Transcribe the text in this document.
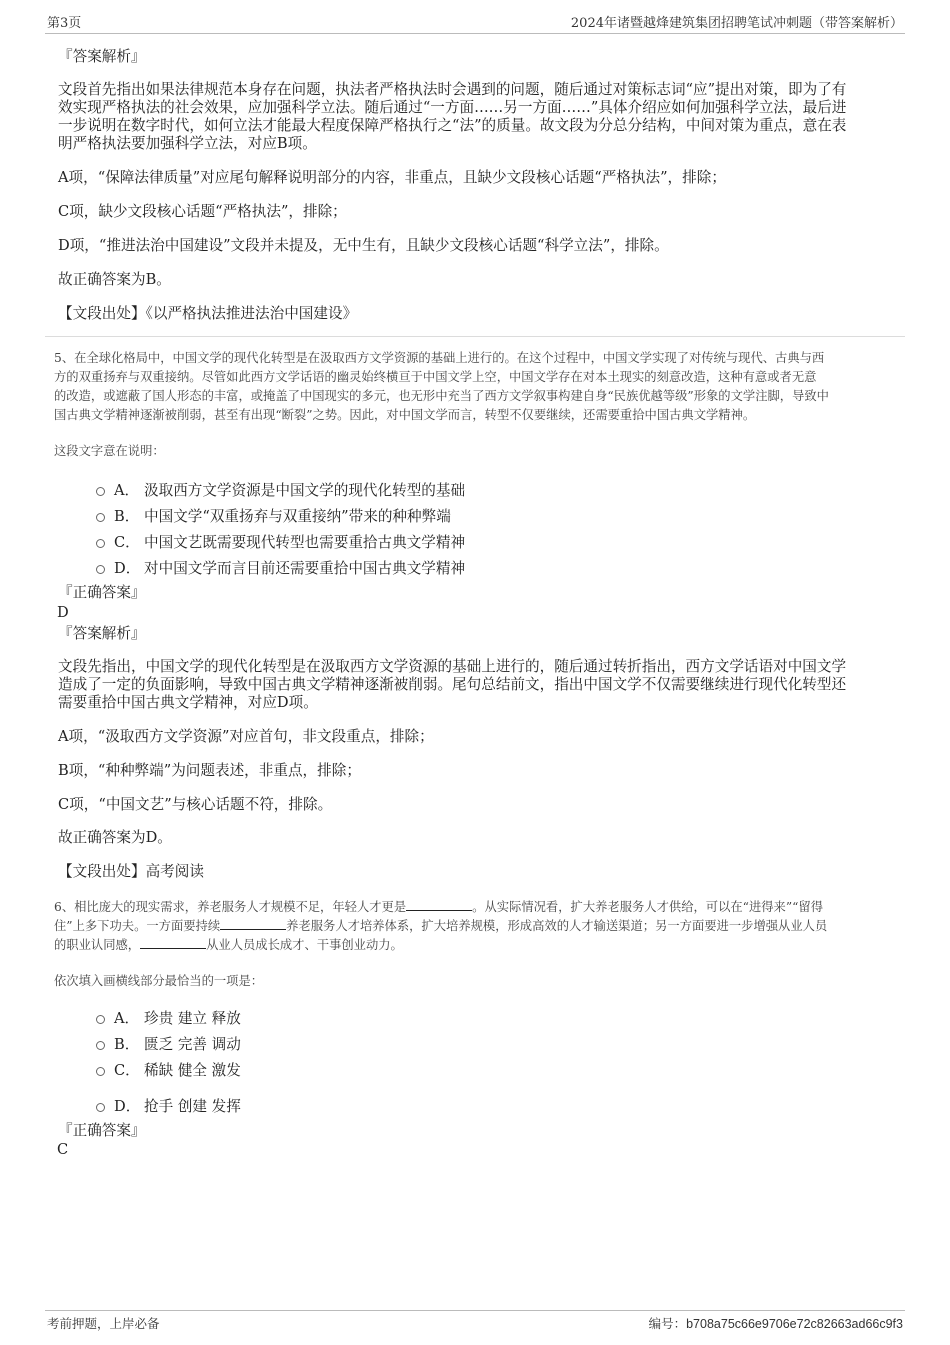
第3页	2024年诸暨越烽建筑集团招聘笔试冲刺题（带答案解析）
『答案解析』
文段首先指出如果法律规范本身存在问题，执法者严格执法时会遇到的问题，随后通过对策标志词“应”提出对策，即为了有
效实现严格执法的社会效果，应加强科学立法。随后通过“一方面……另一方面……”具体介绍应如何加强科学立法，最后进
一步说明在数字时代，如何立法才能最大程度保障严格执行之“法”的质量。故文段为分总分结构，中间对策为重点，意在表
明严格执法要加强科学立法，对应B项。
A项，“保障法律质量”对应尾句解释说明部分的内容，非重点，且缺少文段核心话题“严格执法”，排除；
C项，缺少文段核心话题“严格执法”，排除；
D项，“推进法治中国建设”文段并未提及，无中生有，且缺少文段核心话题“科学立法”，排除。
故正确答案为B。
【文段出处】《以严格执法推进法治中国建设》
5、在全球化格局中，中国文学的现代化转型是在汲取西方文学资源的基础上进行的。在这个过程中，中国文学实现了对传统与现代、古典与西
方的双重扬弃与双重接纳。尽管如此西方文学话语的幽灵始终横亘于中国文学上空，中国文学存在对本土现实的刻意改造，这种有意或者无意
的改造，或遮蔽了国人形态的丰富，或掩盖了中国现实的多元，也无形中充当了西方文学叙事构建自身“民族优越等级”形象的文学注脚，导致中
国古典文学精神逐渐被削弱，甚至有出现“断裂”之势。因此，对中国文学而言，转型不仅要继续，还需要重拾中国古典文学精神。
这段文字意在说明：
A． 汲取西方文学资源是中国文学的现代化转型的基础
B． 中国文学“双重扬弃与双重接纳”带来的种种弊端
C． 中国文艺既需要现代转型也需要重拾古典文学精神
D． 对中国文学而言目前还需要重拾中国古典文学精神
『正确答案』
D
『答案解析』
文段先指出，中国文学的现代化转型是在汲取西方文学资源的基础上进行的，随后通过转折指出，西方文学话语对中国文学
造成了一定的负面影响，导致中国古典文学精神逐渐被削弱。尾句总结前文，指出中国文学不仅需要继续进行现代化转型还
需要重拾中国古典文学精神，对应D项。
A项，“汲取西方文学资源”对应首句，非文段重点，排除；
B项，“种种弊端”为问题表述，非重点，排除；
C项，“中国文艺”与核心话题不符，排除。
故正确答案为D。
【文段出处】高考阅读
6、相比庞大的现实需求，养老服务人才规模不足，年轻人才更是	。从实际情况看，扩大养老服务人才供给，可以在“进得来”“留得
住”上多下功夫。一方面要持续	养老服务人才培养体系，扩大培养规模，形成高效的人才输送渠道；另一方面要进一步增强从业人员
的职业认同感，	从业人员成长成才、干事创业动力。
依次填入画横线部分最恰当的一项是：
A． 珍贵 建立 释放
B． 匮乏 完善 调动
C． 稀缺 健全 激发
D． 抢手 创建 发挥
『正确答案』
C
考前押题，上岸必备	编号：b708a75c66e9706e72c82663ad66c9f3
